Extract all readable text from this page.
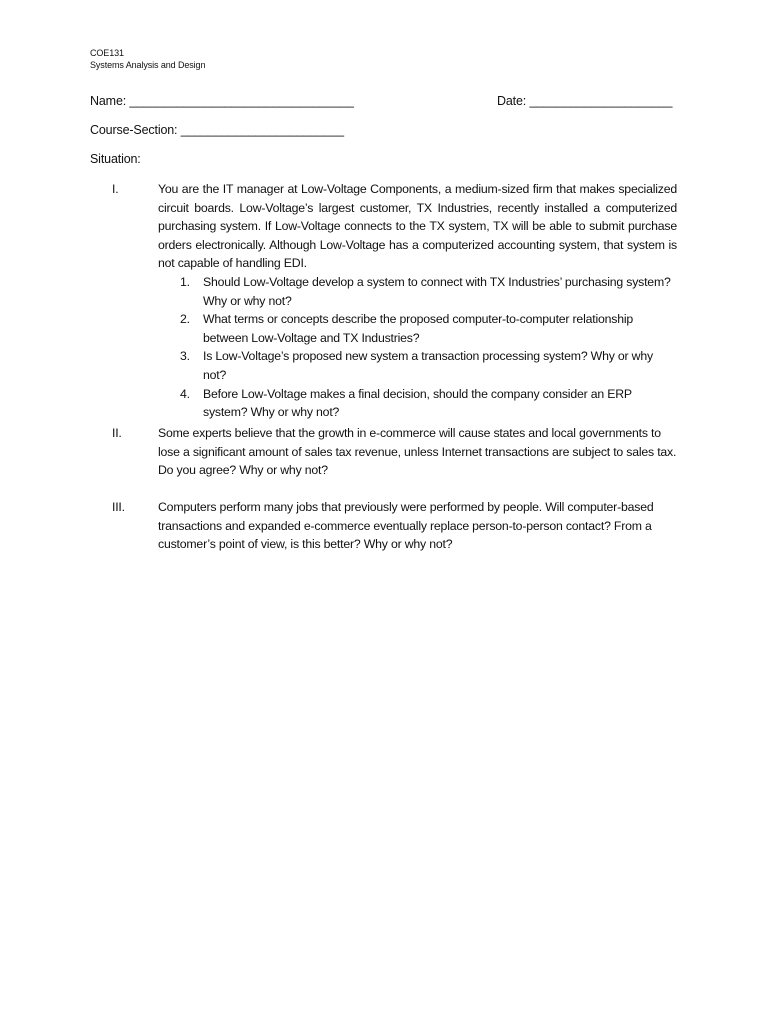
COE131
Systems Analysis and Design
Name: _________________________________	Date: _____________________
Course-Section: ________________________
Situation:
I.	You are the IT manager at Low-Voltage Components, a medium-sized firm that makes specialized circuit boards. Low-Voltage’s largest customer, TX Industries, recently installed a computerized purchasing system. If Low-Voltage connects to the TX system, TX will be able to submit purchase orders electronically. Although Low-Voltage has a computerized accounting system, that system is not capable of handling EDI.
1. Should Low-Voltage develop a system to connect with TX Industries’ purchasing system? Why or why not?
2. What terms or concepts describe the proposed computer-to-computer relationship between Low-Voltage and TX Industries?
3. Is Low-Voltage’s proposed new system a transaction processing system? Why or why not?
4. Before Low-Voltage makes a final decision, should the company consider an ERP system? Why or why not?
II.	Some experts believe that the growth in e-commerce will cause states and local governments to lose a significant amount of sales tax revenue, unless Internet transactions are subject to sales tax. Do you agree? Why or why not?
III.	Computers perform many jobs that previously were performed by people. Will computer-based transactions and expanded e-commerce eventually replace person-to-person contact? From a customer’s point of view, is this better? Why or why not?
